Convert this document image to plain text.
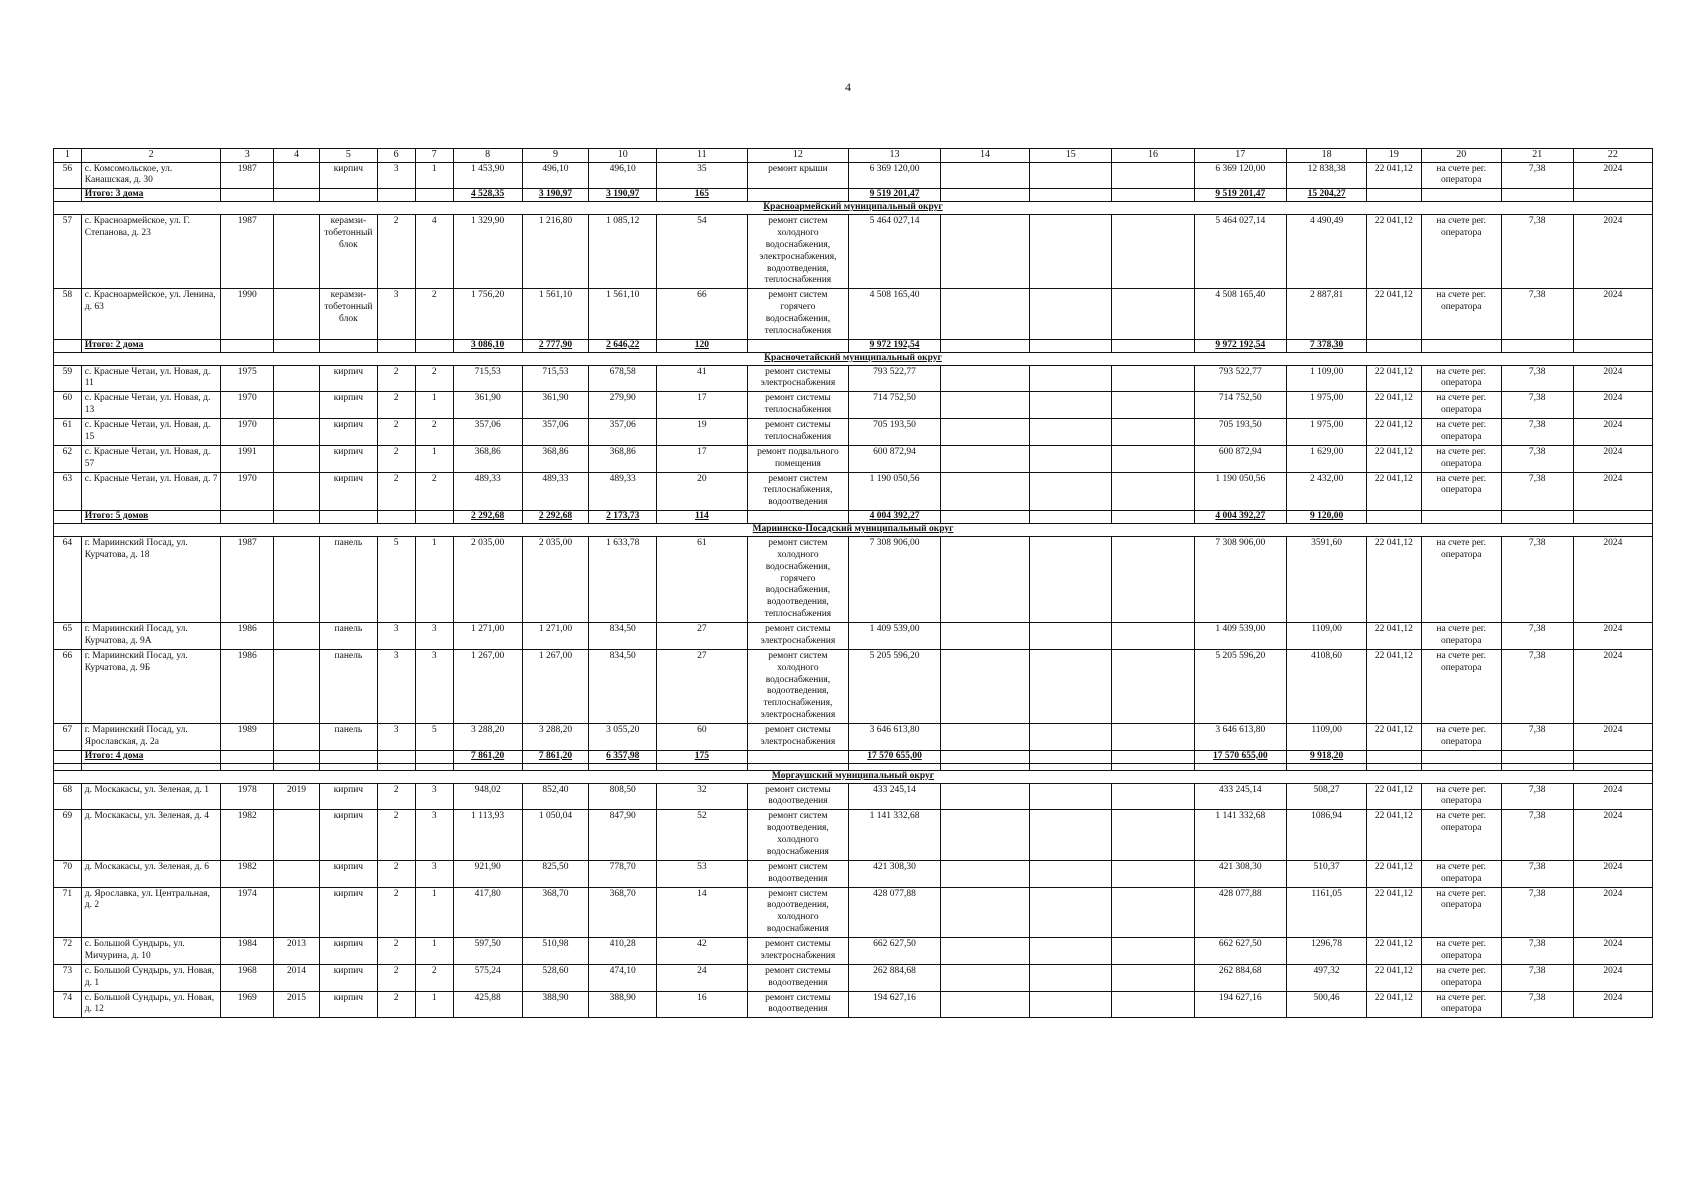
4
1	2	3	4	5	6	7	8	9	10	11	12	13	14	15	16	17	18	19	20	21	22
56	с. Комсомольское, ул. Канашская, д. 30	1987		кирпич	3	1	1 453,90	496,10	496,10	35	ремонт крыши	6 369 120,00				6 369 120,00	12 838,38	22 041,12	на счете рег. оператора	7,38	2024
	Итого: 3 дома						4 528,35	3 190,97	3 190,97	165		9 519 201,47				9 519 201,47	15 204,27				
Красноармейский муниципальный округ																					
57	с. Красноармейское, ул. Г. Степанова, д. 23	1987		керамзи-тобетонный блок	2	4	1 329,90	1 216,80	1 085,12	54	ремонт систем холодного водоснабжения, электроснабжения, водоотведения, теплоснабжения	5 464 027,14				5 464 027,14	4 490,49	22 041,12	на счете рег. оператора	7,38	2024
58	с. Красноармейское, ул. Ленина, д. 63	1990		керамзи-тобетонный блок	3	2	1 756,20	1 561,10	1 561,10	66	ремонт систем горячего водоснабжения, теплоснабжения	4 508 165,40				4 508 165,40	2 887,81	22 041,12	на счете рег. оператора	7,38	2024
	Итого: 2 дома						3 086,10	2 777,90	2 646,22	120		9 972 192,54				9 972 192,54	7 378,30				
Красночетайский муниципальный округ																					
59	с. Красные Четаи, ул. Новая, д. 11	1975		кирпич	2	2	715,53	715,53	678,58	41	ремонт системы электроснабжения	793 522,77				793 522,77	1 109,00	22 041,12	на счете рег. оператора	7,38	2024
60	с. Красные Четаи, ул. Новая, д. 13	1970		кирпич	2	1	361,90	361,90	279,90	17	ремонт системы теплоснабжения	714 752,50				714 752,50	1 975,00	22 041,12	на счете рег. оператора	7,38	2024
61	с. Красные Четаи, ул. Новая, д. 15	1970		кирпич	2	2	357,06	357,06	357,06	19	ремонт системы теплоснабжения	705 193,50				705 193,50	1 975,00	22 041,12	на счете рег. оператора	7,38	2024
62	с. Красные Четаи, ул. Новая, д. 57	1991		кирпич	2	1	368,86	368,86	368,86	17	ремонт подвального помещения	600 872,94				600 872,94	1 629,00	22 041,12	на счете рег. оператора	7,38	2024
63	с. Красные Четаи, ул. Новая, д. 7	1970		кирпич	2	2	489,33	489,33	489,33	20	ремонт систем теплоснабжения, водоотведения	1 190 050,56				1 190 050,56	2 432,00	22 041,12	на счете рег. оператора	7,38	2024
	Итого: 5 домов						2 292,68	2 292,68	2 173,73	114		4 004 392,27				4 004 392,27	9 120,00				
Мариинско-Посадский муниципальный округ																					
64	г. Мариинский Посад, ул. Курчатова, д. 18	1987		панель	5	1	2 035,00	2 035,00	1 633,78	61	ремонт систем холодного водоснабжения, горячего водоснабжения, водоотведения, теплоснабжения	7 308 906,00				7 308 906,00	3591,60	22 041,12	на счете рег. оператора	7,38	2024
65	г. Мариинский Посад, ул. Курчатова, д. 9А	1986		панель	3	3	1 271,00	1 271,00	834,50	27	ремонт системы электроснабжения	1 409 539,00				1 409 539,00	1109,00	22 041,12	на счете рег. оператора	7,38	2024
66	г. Мариинский Посад, ул. Курчатова, д. 9Б	1986		панель	3	3	1 267,00	1 267,00	834,50	27	ремонт систем холодного водоснабжения, водоотведения, теплоснабжения, электроснабжения	5 205 596,20				5 205 596,20	4108,60	22 041,12	на счете рег. оператора	7,38	2024
67	г. Мариинский Посад, ул. Ярославская, д. 2а	1989		панель	3	5	3 288,20	3 288,20	3 055,20	60	ремонт системы электроснабжения	3 646 613,80				3 646 613,80	1109,00	22 041,12	на счете рег. оператора	7,38	2024
	Итого: 4 дома						7 861,20	7 861,20	6 357,98	175		17 570 655,00				17 570 655,00	9 918,20				

Моргаушский муниципальный округ																					
68	д. Москакасы, ул. Зеленая, д. 1	1978	2019	кирпич	2	3	948,02	852,40	808,50	32	ремонт системы водоотведения	433 245,14				433 245,14	508,27	22 041,12	на счете рег. оператора	7,38	2024
69	д. Москакасы, ул. Зеленая, д. 4	1982		кирпич	2	3	1 113,93	1 050,04	847,90	52	ремонт систем водоотведения, холодного водоснабжения	1 141 332,68				1 141 332,68	1086,94	22 041,12	на счете рег. оператора	7,38	2024
70	д. Москакасы, ул. Зеленая, д. 6	1982		кирпич	2	3	921,90	825,50	778,70	53	ремонт систем водоотведения	421 308,30				421 308,30	510,37	22 041,12	на счете рег. оператора	7,38	2024
71	д. Ярославка, ул. Центральная, д. 2	1974		кирпич	2	1	417,80	368,70	368,70	14	ремонт систем водоотведения, холодного водоснабжения	428 077,88				428 077,88	1161,05	22 041,12	на счете рег. оператора	7,38	2024
72	с. Большой Сундырь, ул. Мичурина, д. 10	1984	2013	кирпич	2	1	597,50	510,98	410,28	42	ремонт системы электроснабжения	662 627,50				662 627,50	1296,78	22 041,12	на счете рег. оператора	7,38	2024
73	с. Большой Сундырь, ул. Новая, д. 1	1968	2014	кирпич	2	2	575,24	528,60	474,10	24	ремонт системы водоотведения	262 884,68				262 884,68	497,32	22 041,12	на счете рег. оператора	7,38	2024
74	с. Большой Сундырь, ул. Новая, д. 12	1969	2015	кирпич	2	1	425,88	388,90	388,90	16	ремонт системы водоотведения	194 627,16				194 627,16	500,46	22 041,12	на счете рег. оператора	7,38	2024
